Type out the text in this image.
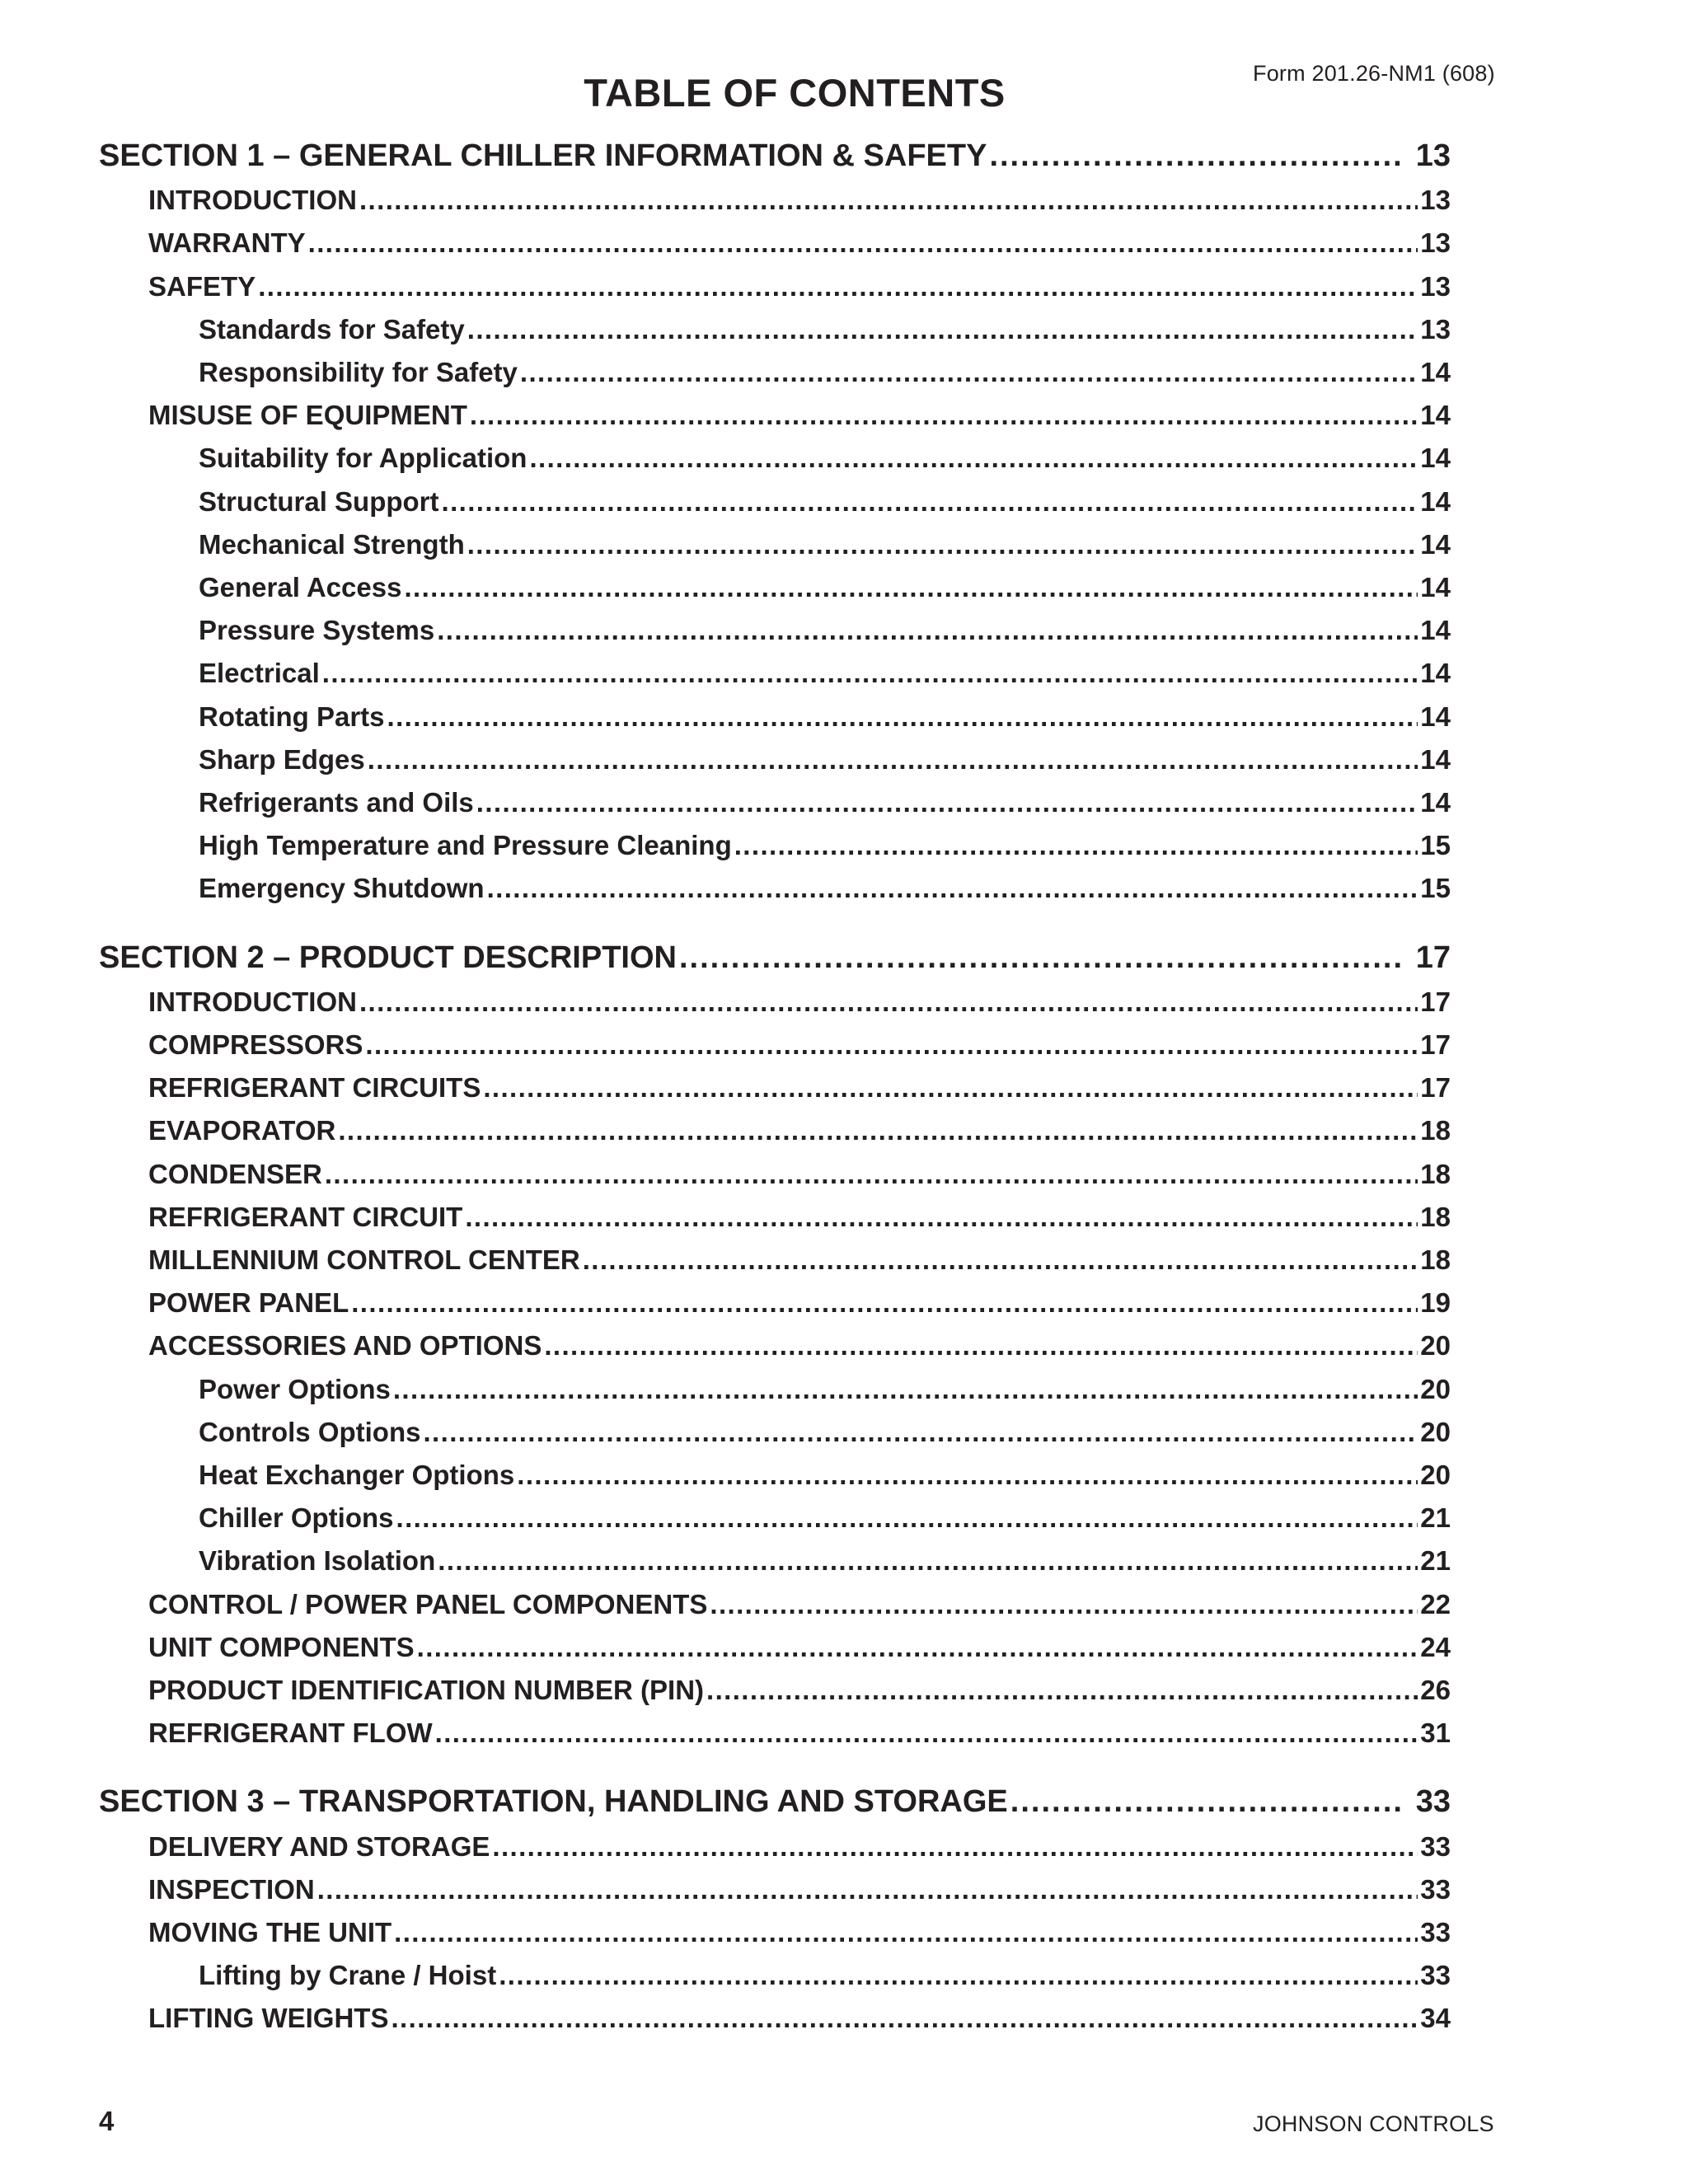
Form 201.26-NM1 (608)
TABLE OF CONTENTS
SECTION 1 – GENERAL CHILLER INFORMATION & SAFETY .....	13
INTRODUCTION .....	13
WARRANTY .....	13
SAFETY .....	13
Standards for Safety .....	13
Responsibility for Safety .....	14
MISUSE OF EQUIPMENT .....	14
Suitability for Application .....	14
Structural Support .....	14
Mechanical Strength .....	14
General Access .....	14
Pressure Systems .....	14
Electrical .....	14
Rotating Parts .....	14
Sharp Edges .....	14
Refrigerants and Oils .....	14
High Temperature and Pressure Cleaning .....	15
Emergency Shutdown .....	15
SECTION 2 – PRODUCT DESCRIPTION .....	17
INTRODUCTION .....	17
COMPRESSORS .....	17
REFRIGERANT CIRCUITS .....	17
EVAPORATOR .....	18
CONDENSER .....	18
REFRIGERANT CIRCUIT .....	18
MILLENNIUM CONTROL CENTER .....	18
POWER PANEL .....	19
ACCESSORIES AND OPTIONS .....	20
Power Options .....	20
Controls Options .....	20
Heat Exchanger Options .....	20
Chiller Options .....	21
Vibration Isolation .....	21
CONTROL / POWER PANEL COMPONENTS .....	22
UNIT COMPONENTS .....	24
PRODUCT IDENTIFICATION NUMBER (PIN) .....	26
REFRIGERANT FLOW .....	31
SECTION 3 – TRANSPORTATION, HANDLING AND STORAGE .....	33
DELIVERY AND STORAGE .....	33
INSPECTION .....	33
MOVING THE UNIT .....	33
Lifting by Crane / Hoist .....	33
LIFTING WEIGHTS .....	34
4	JOHNSON CONTROLS
